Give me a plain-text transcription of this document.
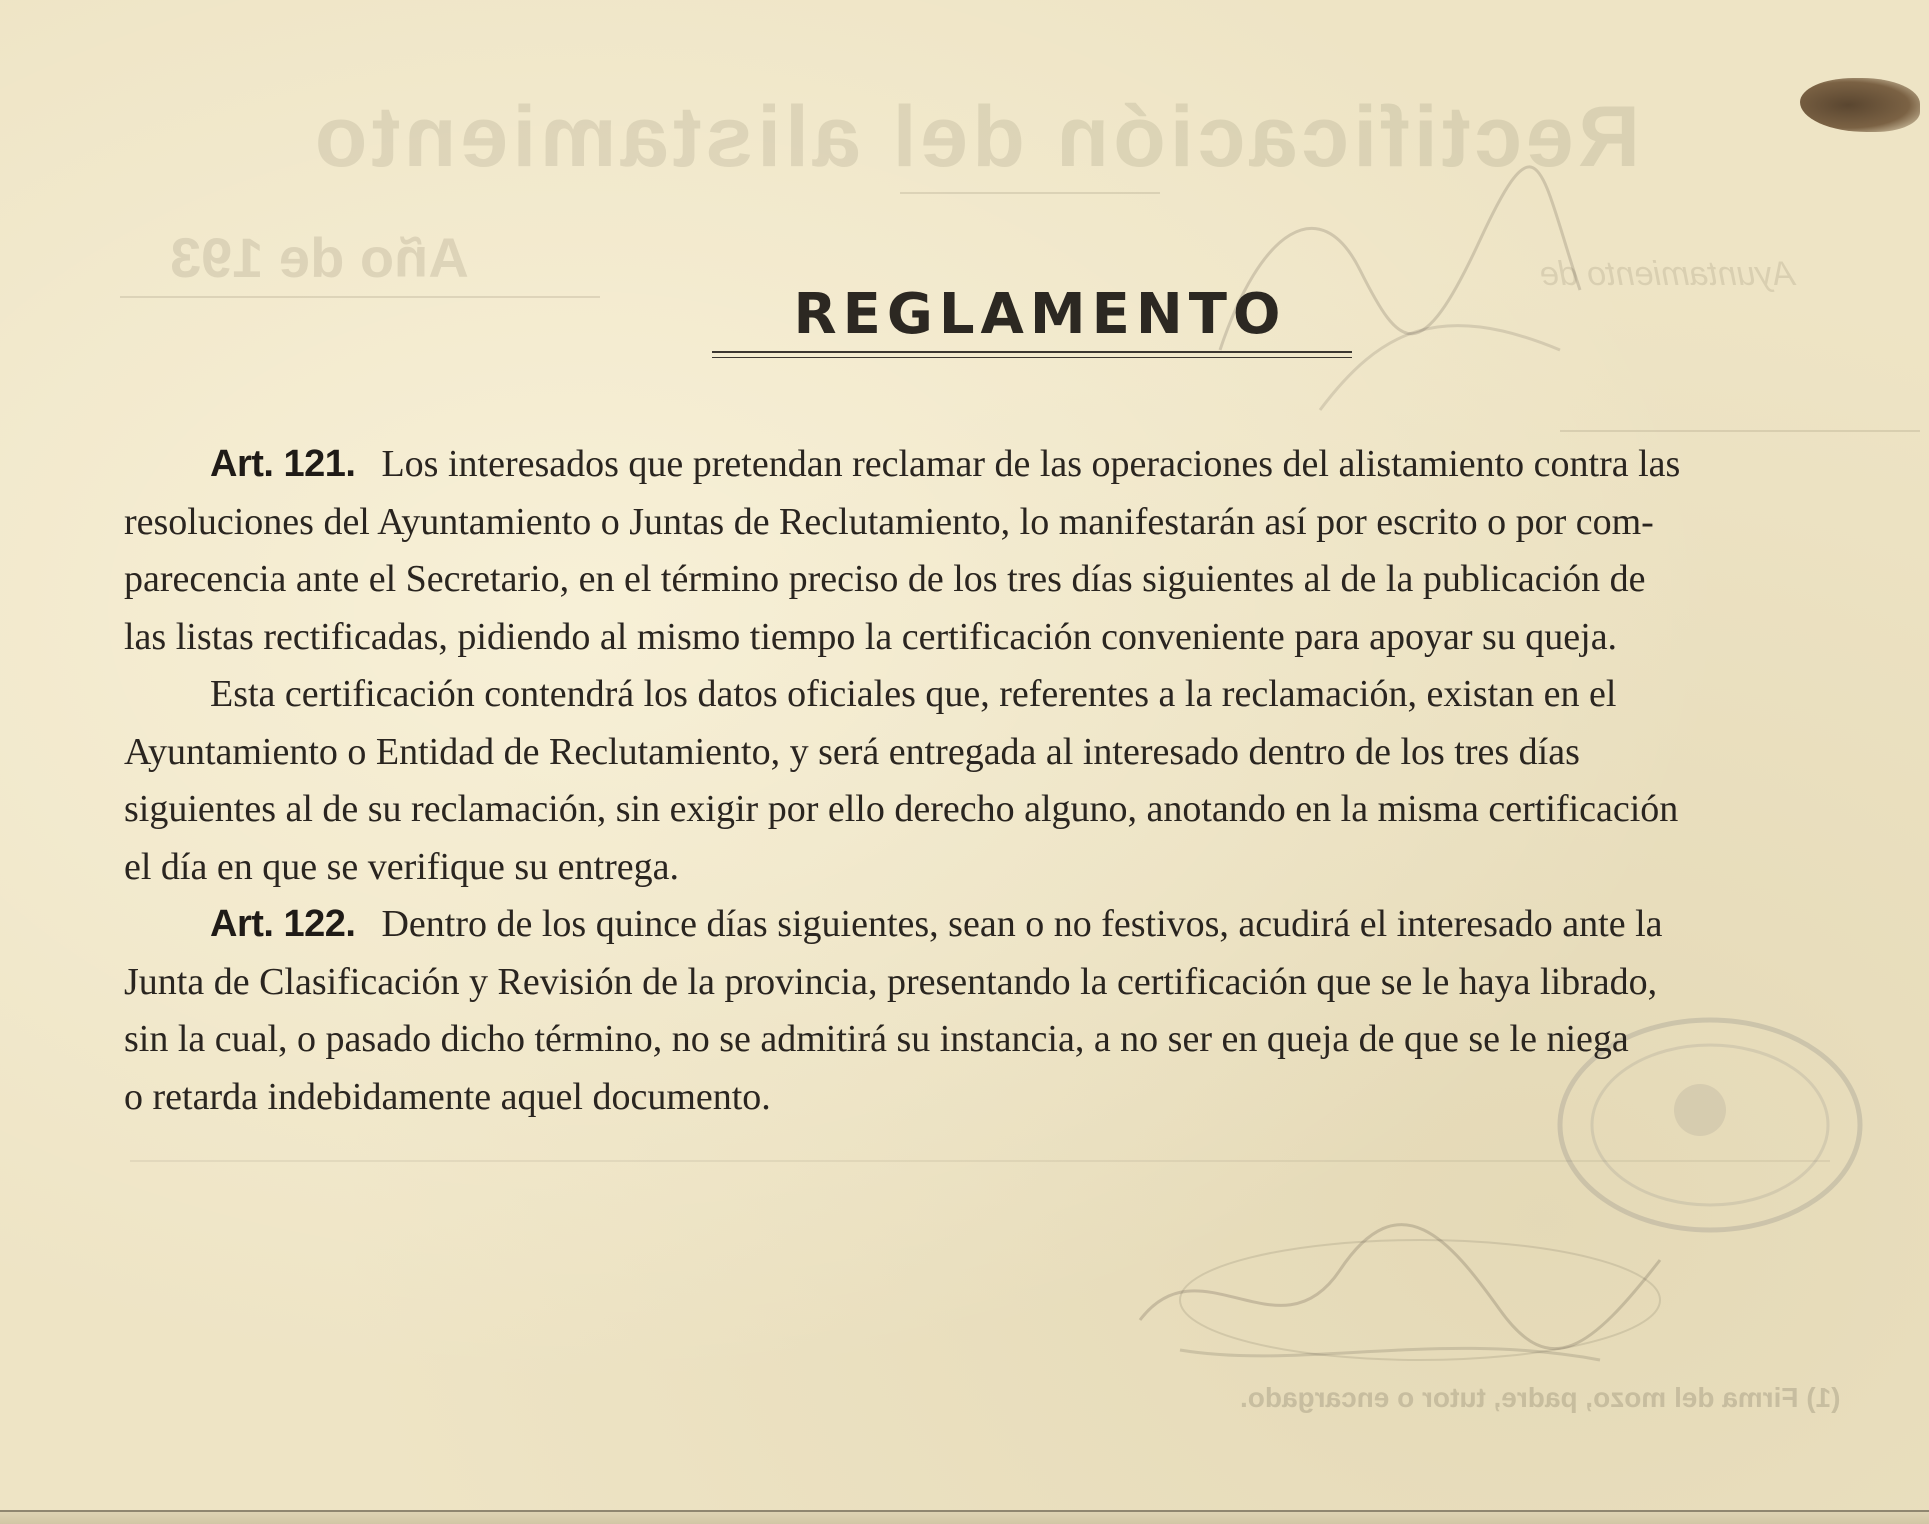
Rectificación del alistamiento
Año de 193	Ayuntamiento de
(1) Firma del mozo, padre, tutor o encargado.
REGLAMENTO
Art. 121. Los interesados que pretendan reclamar de las operaciones del alistamiento contra las
resoluciones del Ayuntamiento o Juntas de Reclutamiento, lo manifestarán así por escrito o por com-
parecencia ante el Secretario, en el término preciso de los tres días siguientes al de la publicación de
las listas rectificadas, pidiendo al mismo tiempo la certificación conveniente para apoyar su queja.
Esta certificación contendrá los datos oficiales que, referentes a la reclamación, existan en el
Ayuntamiento o Entidad de Reclutamiento, y será entregada al interesado dentro de los tres días
siguientes al de su reclamación, sin exigir por ello derecho alguno, anotando en la misma certificación
el día en que se verifique su entrega.
Art. 122. Dentro de los quince días siguientes, sean o no festivos, acudirá el interesado ante la
Junta de Clasificación y Revisión de la provincia, presentando la certificación que se le haya librado,
sin la cual, o pasado dicho término, no se admitirá su instancia, a no ser en queja de que se le niega
o retarda indebidamente aquel documento.
